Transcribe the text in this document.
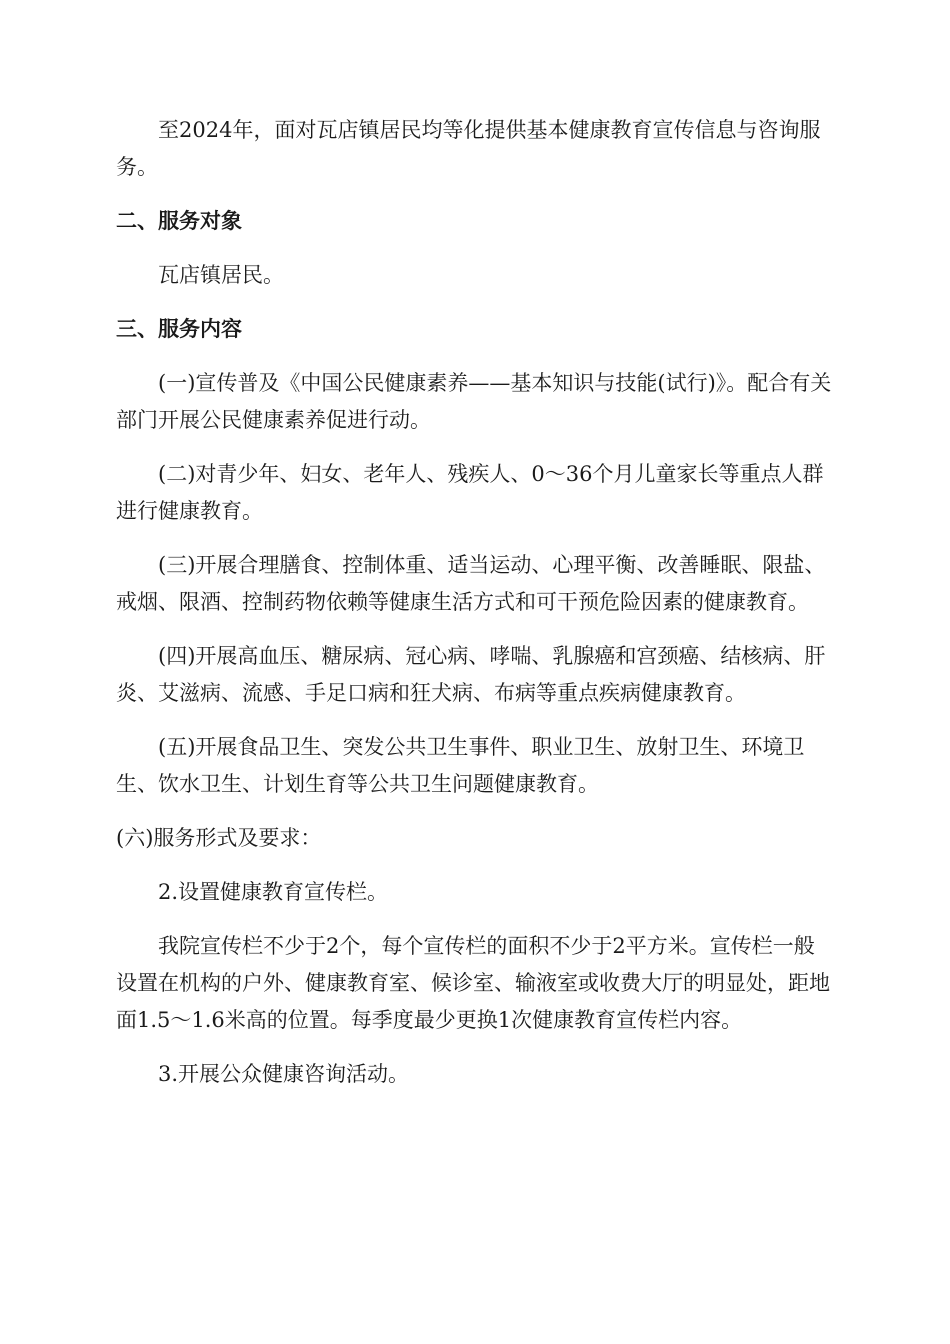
至2024年，面对瓦店镇居民均等化提供基本健康教育宣传信息与咨询服务。

二、服务对象

瓦店镇居民。

三、服务内容

(一)宣传普及《中国公民健康素养——基本知识与技能(试行)》。配合有关部门开展公民健康素养促进行动。

(二)对青少年、妇女、老年人、残疾人、0～36个月儿童家长等重点人群进行健康教育。

(三)开展合理膳食、控制体重、适当运动、心理平衡、改善睡眠、限盐、戒烟、限酒、控制药物依赖等健康生活方式和可干预危险因素的健康教育。

(四)开展高血压、糖尿病、冠心病、哮喘、乳腺癌和宫颈癌、结核病、肝炎、艾滋病、流感、手足口病和狂犬病、布病等重点疾病健康教育。

(五)开展食品卫生、突发公共卫生事件、职业卫生、放射卫生、环境卫生、饮水卫生、计划生育等公共卫生问题健康教育。

(六)服务形式及要求：

2.设置健康教育宣传栏。

我院宣传栏不少于2个，每个宣传栏的面积不少于2平方米。宣传栏一般设置在机构的户外、健康教育室、候诊室、输液室或收费大厅的明显处，距地面1.5～1.6米高的位置。每季度最少更换1次健康教育宣传栏内容。

3.开展公众健康咨询活动。
